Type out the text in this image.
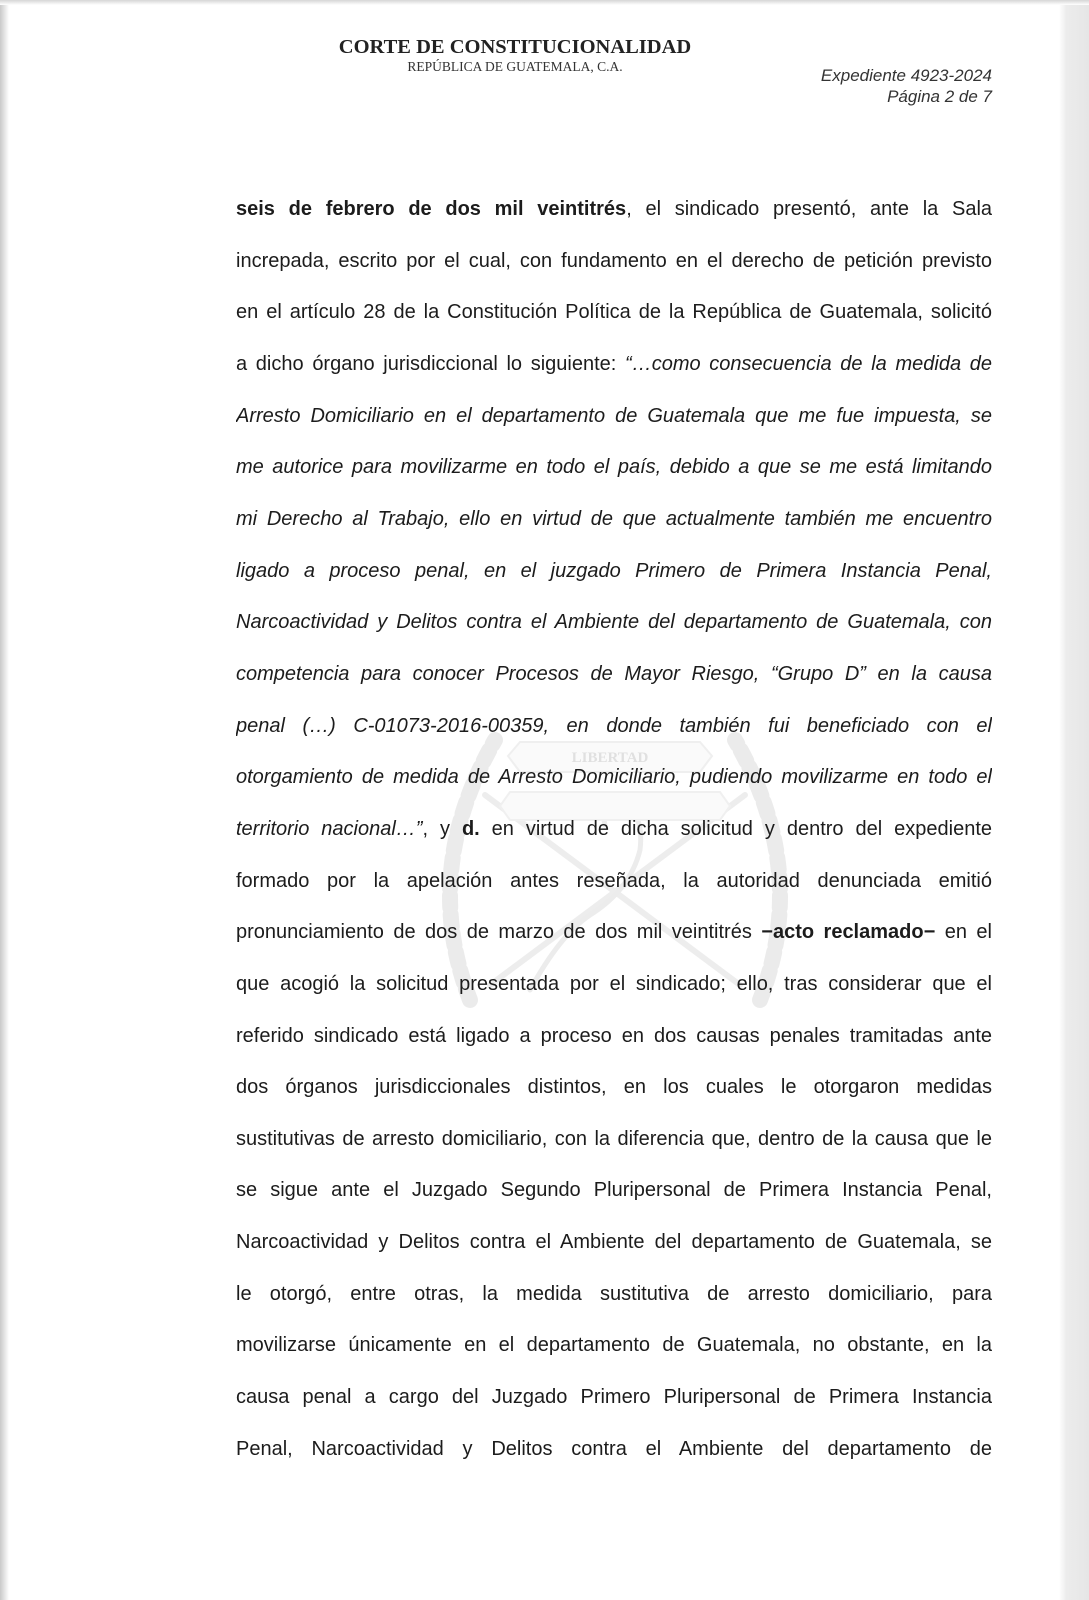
CORTE DE CONSTITUCIONALIDAD
REPÚBLICA DE GUATEMALA, C.A.	Expediente 4923-2024
Página 2 de 7
LIBERTAD
seis de febrero de dos mil veintitrés, el sindicado presentó, ante la Sala
increpada, escrito por el cual, con fundamento en el derecho de petición previsto
en el artículo 28 de la Constitución Política de la República de Guatemala, solicitó
a dicho órgano jurisdiccional lo siguiente: “…como consecuencia de la medida de
Arresto Domiciliario en el departamento de Guatemala que me fue impuesta, se
me autorice para movilizarme en todo el país, debido a que se me está limitando
mi Derecho al Trabajo, ello en virtud de que actualmente también me encuentro
ligado a proceso penal, en el juzgado Primero de Primera Instancia Penal,
Narcoactividad y Delitos contra el Ambiente del departamento de Guatemala, con
competencia para conocer Procesos de Mayor Riesgo, “Grupo D” en la causa
penal (…) C-01073-2016-00359, en donde también fui beneficiado con el
otorgamiento de medida de Arresto Domiciliario, pudiendo movilizarme en todo el
territorio nacional…”, y d. en virtud de dicha solicitud y dentro del expediente
formado por la apelación antes reseñada, la autoridad denunciada emitió
pronunciamiento de dos de marzo de dos mil veintitrés −acto reclamado− en el
que acogió la solicitud presentada por el sindicado; ello, tras considerar que el
referido sindicado está ligado a proceso en dos causas penales tramitadas ante
dos órganos jurisdiccionales distintos, en los cuales le otorgaron medidas
sustitutivas de arresto domiciliario, con la diferencia que, dentro de la causa que le
se sigue ante el Juzgado Segundo Pluripersonal de Primera Instancia Penal,
Narcoactividad y Delitos contra el Ambiente del departamento de Guatemala, se
le otorgó, entre otras, la medida sustitutiva de arresto domiciliario, para
movilizarse únicamente en el departamento de Guatemala, no obstante, en la
causa penal a cargo del Juzgado Primero Pluripersonal de Primera Instancia
Penal, Narcoactividad y Delitos contra el Ambiente del departamento de
